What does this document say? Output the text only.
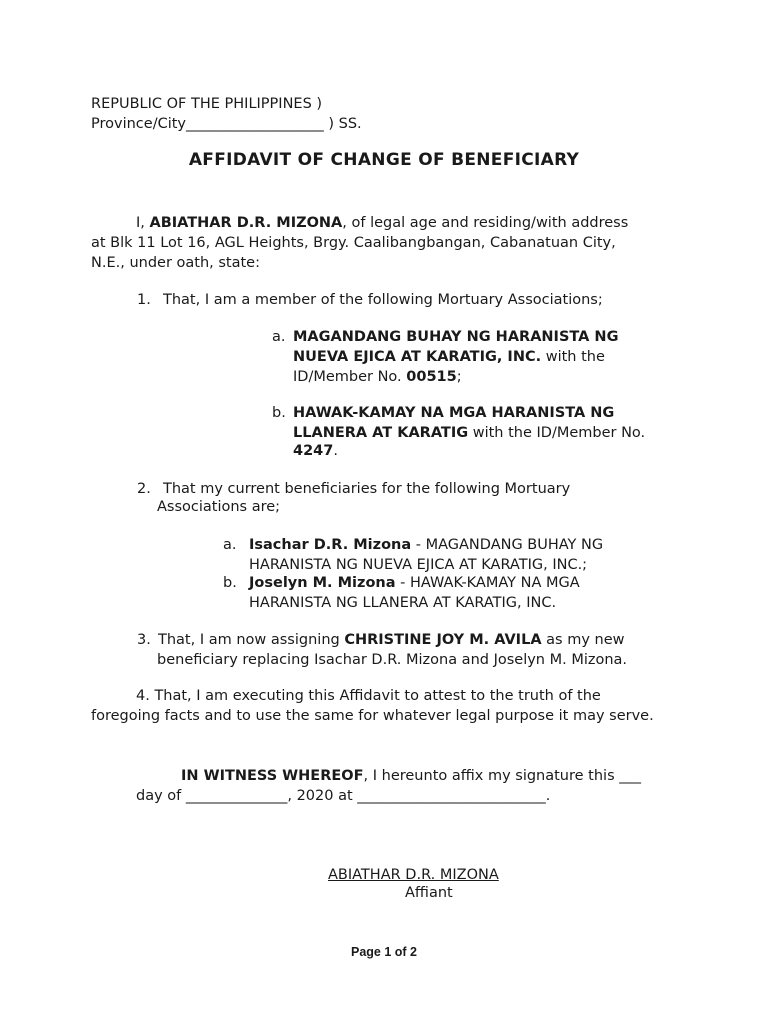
REPUBLIC OF THE PHILIPPINES )
Province/City___________________ ) SS.
AFFIDAVIT OF CHANGE OF BENEFICIARY
I, ABIATHAR D.R. MIZONA, of legal age and residing/with address
at Blk 11 Lot 16, AGL Heights, Brgy. Caalibangbangan, Cabanatuan City,
N.E., under oath, state:
1. That, I am a member of the following Mortuary Associations;
a. MAGANDANG BUHAY NG HARANISTA NG
NUEVA EJICA AT KARATIG, INC. with the
ID/Member No. 00515;
b. HAWAK-KAMAY NA MGA HARANISTA NG
LLANERA AT KARATIG with the ID/Member No.
4247.
2. That my current beneficiaries for the following Mortuary
Associations are;
a. Isachar D.R. Mizona - MAGANDANG BUHAY NG
HARANISTA NG NUEVA EJICA AT KARATIG, INC.;
b. Joselyn M. Mizona - HAWAK-KAMAY NA MGA
HARANISTA NG LLANERA AT KARATIG, INC.
3. That, I am now assigning CHRISTINE JOY M. AVILA as my new
beneficiary replacing Isachar D.R. Mizona and Joselyn M. Mizona.
4. That, I am executing this Affidavit to attest to the truth of the
foregoing facts and to use the same for whatever legal purpose it may serve.
IN WITNESS WHEREOF, I hereunto affix my signature this ___
day of ______________, 2020 at __________________________.
ABIATHAR D.R. MIZONA
Affiant
Page 1 of 2
